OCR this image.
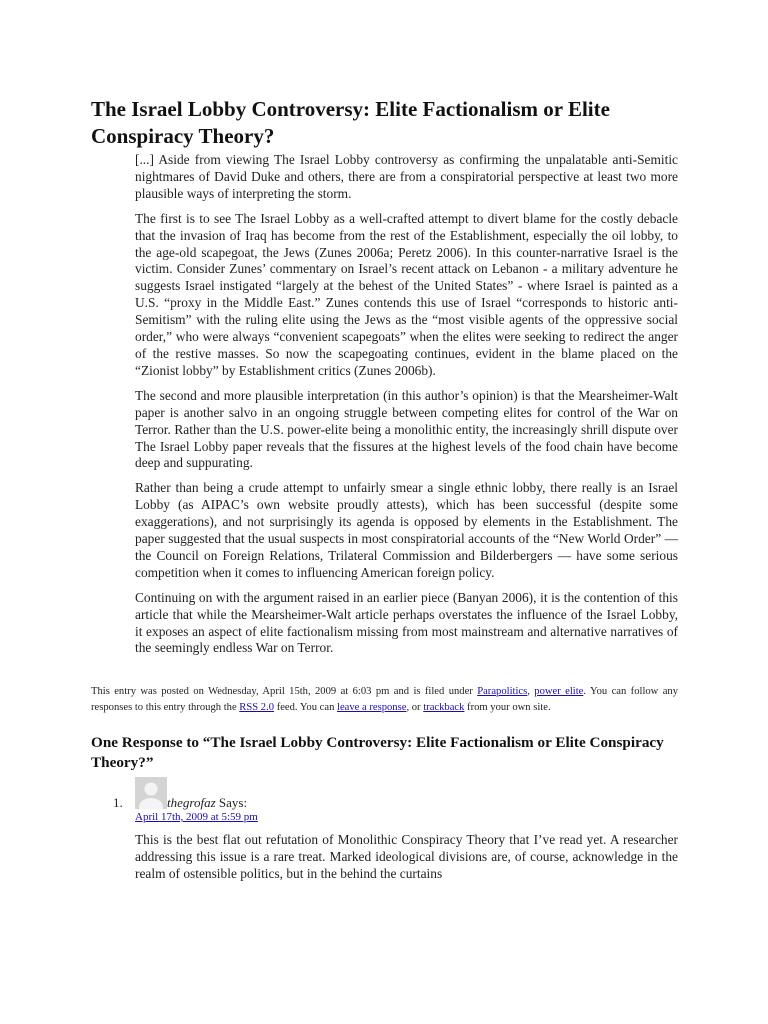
The Israel Lobby Controversy: Elite Factionalism or Elite Conspiracy Theory?

[...] Aside from viewing The Israel Lobby controversy as confirming the unpalatable anti-Semitic nightmares of David Duke and others, there are from a conspiratorial perspective at least two more plausible ways of interpreting the storm.

The first is to see The Israel Lobby as a well-crafted attempt to divert blame for the costly debacle that the invasion of Iraq has become from the rest of the Establishment, especially the oil lobby, to the age-old scapegoat, the Jews (Zunes 2006a; Peretz 2006). In this counter-narrative Israel is the victim. Consider Zunes’ commentary on Israel’s recent attack on Lebanon - a military adventure he suggests Israel instigated “largely at the behest of the United States” - where Israel is painted as a U.S. “proxy in the Middle East.” Zunes contends this use of Israel “corresponds to historic anti-Semitism” with the ruling elite using the Jews as the “most visible agents of the oppressive social order,” who were always “convenient scapegoats” when the elites were seeking to redirect the anger of the restive masses. So now the scapegoating continues, evident in the blame placed on the “Zionist lobby” by Establishment critics (Zunes 2006b).

The second and more plausible interpretation (in this author’s opinion) is that the Mearsheimer-Walt paper is another salvo in an ongoing struggle between competing elites for control of the War on Terror. Rather than the U.S. power-elite being a monolithic entity, the increasingly shrill dispute over The Israel Lobby paper reveals that the fissures at the highest levels of the food chain have become deep and suppurating.

Rather than being a crude attempt to unfairly smear a single ethnic lobby, there really is an Israel Lobby (as AIPAC’s own website proudly attests), which has been successful (despite some exaggerations), and not surprisingly its agenda is opposed by elements in the Establishment. The paper suggested that the usual suspects in most conspiratorial accounts of the “New World Order” — the Council on Foreign Relations, Trilateral Commission and Bilderbergers — have some serious competition when it comes to influencing American foreign policy.

Continuing on with the argument raised in an earlier piece (Banyan 2006), it is the contention of this article that while the Mearsheimer-Walt article perhaps overstates the influence of the Israel Lobby, it exposes an aspect of elite factionalism missing from most mainstream and alternative narratives of the seemingly endless War on Terror.

This entry was posted on Wednesday, April 15th, 2009 at 6:03 pm and is filed under Parapolitics, power elite. You can follow any responses to this entry through the RSS 2.0 feed. You can leave a response, or trackback from your own site.

One Response to “The Israel Lobby Controversy: Elite Factionalism or Elite Conspiracy Theory?”
1.	thegrofaz Says:
April 17th, 2009 at 5:59 pm

This is the best flat out refutation of Monolithic Conspiracy Theory that I’ve read yet. A researcher addressing this issue is a rare treat. Marked ideological divisions are, of course, acknowledge in the realm of ostensible politics, but in the behind the curtains
